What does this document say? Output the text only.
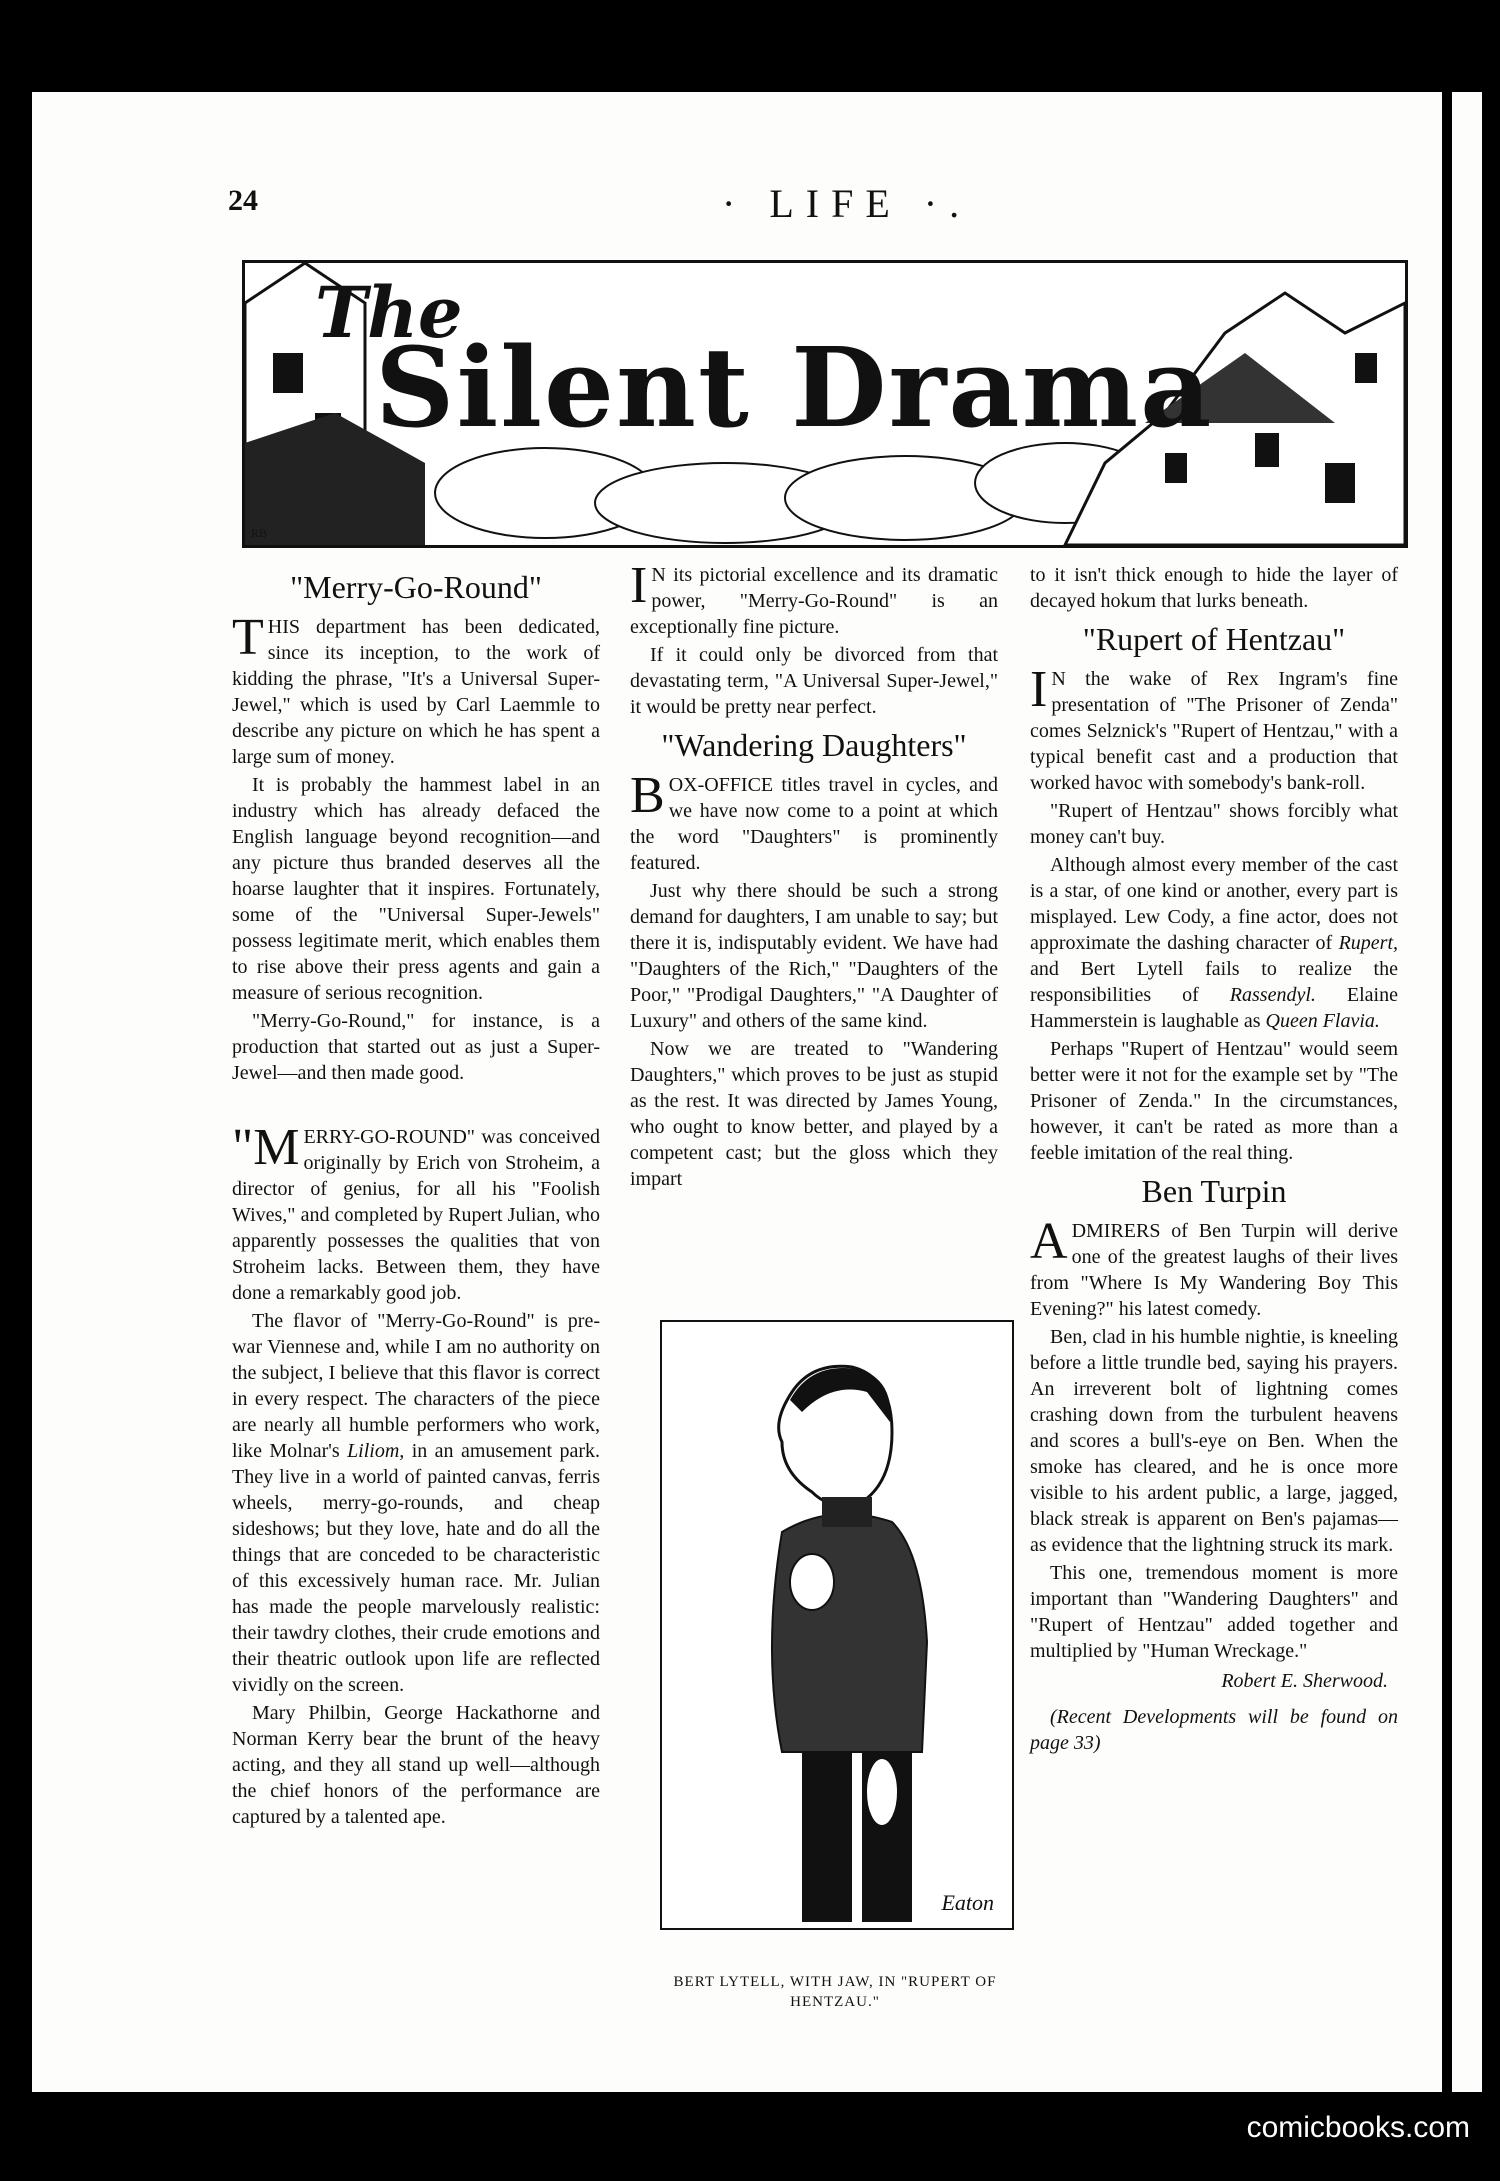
24	· LIFE ·.
The
Silent Drama
RB
"Merry-Go-Round"

THIS department has been dedicated, since its inception, to the work of kidding the phrase, "It's a Universal Super-Jewel," which is used by Carl Laemmle to describe any picture on which he has spent a large sum of money.

It is probably the hammest label in an industry which has already defaced the English language beyond recognition—and any picture thus branded deserves all the hoarse laughter that it inspires. Fortunately, some of the "Universal Super-Jewels" possess legitimate merit, which enables them to rise above their press agents and gain a measure of serious recognition.

"Merry-Go-Round," for instance, is a production that started out as just a Super-Jewel—and then made good.

"MERRY-GO-ROUND" was conceived originally by Erich von Stroheim, a director of genius, for all his "Foolish Wives," and completed by Rupert Julian, who apparently possesses the qualities that von Stroheim lacks. Between them, they have done a remarkably good job.

The flavor of "Merry-Go-Round" is pre-war Viennese and, while I am no authority on the subject, I believe that this flavor is correct in every respect. The characters of the piece are nearly all humble performers who work, like Molnar's Liliom, in an amusement park. They live in a world of painted canvas, ferris wheels, merry-go-rounds, and cheap sideshows; but they love, hate and do all the things that are conceded to be characteristic of this excessively human race. Mr. Julian has made the people marvelously realistic: their tawdry clothes, their crude emotions and their theatric outlook upon life are reflected vividly on the screen.

Mary Philbin, George Hackathorne and Norman Kerry bear the brunt of the heavy acting, and they all stand up well—although the chief honors of the performance are captured by a talented ape.

I N its pictorial excellence and its dramatic power, "Merry-Go-Round" is an exceptionally fine picture.

If it could only be divorced from that devastating term, "A Universal Super-Jewel," it would be pretty near perfect.

"Wandering Daughters"

BOX-OFFICE titles travel in cycles, and we have now come to a point at which the word "Daughters" is prominently featured.

Just why there should be such a strong demand for daughters, I am unable to say; but there it is, indisputably evident. We have had "Daughters of the Rich," "Daughters of the Poor," "Prodigal Daughters," "A Daughter of Luxury" and others of the same kind.

Now we are treated to "Wandering Daughters," which proves to be just as stupid as the rest. It was directed by James Young, who ought to know better, and played by a competent cast; but the gloss which they impart

Eaton
BERT LYTELL, WITH JAW, IN "RUPERT OF HENTZAU."

to it isn't thick enough to hide the layer of decayed hokum that lurks beneath.

"Rupert of Hentzau"

I N the wake of Rex Ingram's fine presentation of "The Prisoner of Zenda" comes Selznick's "Rupert of Hentzau," with a typical benefit cast and a production that worked havoc with somebody's bank-roll.

"Rupert of Hentzau" shows forcibly what money can't buy.

Although almost every member of the cast is a star, of one kind or another, every part is misplayed. Lew Cody, a fine actor, does not approximate the dashing character of Rupert, and Bert Lytell fails to realize the responsibilities of Rassendyl. Elaine Hammerstein is laughable as Queen Flavia.

Perhaps "Rupert of Hentzau" would seem better were it not for the example set by "The Prisoner of Zenda." In the circumstances, however, it can't be rated as more than a feeble imitation of the real thing.

Ben Turpin

ADMIRERS of Ben Turpin will derive one of the greatest laughs of their lives from "Where Is My Wandering Boy This Evening?" his latest comedy.

Ben, clad in his humble nightie, is kneeling before a little trundle bed, saying his prayers. An irreverent bolt of lightning comes crashing down from the turbulent heavens and scores a bull's-eye on Ben. When the smoke has cleared, and he is once more visible to his ardent public, a large, jagged, black streak is apparent on Ben's pajamas—as evidence that the lightning struck its mark.

This one, tremendous moment is more important than "Wandering Daughters" and "Rupert of Hentzau" added together and multiplied by "Human Wreckage."

Robert E. Sherwood.

(Recent Developments will be found on page 33)

comicbooks.com
